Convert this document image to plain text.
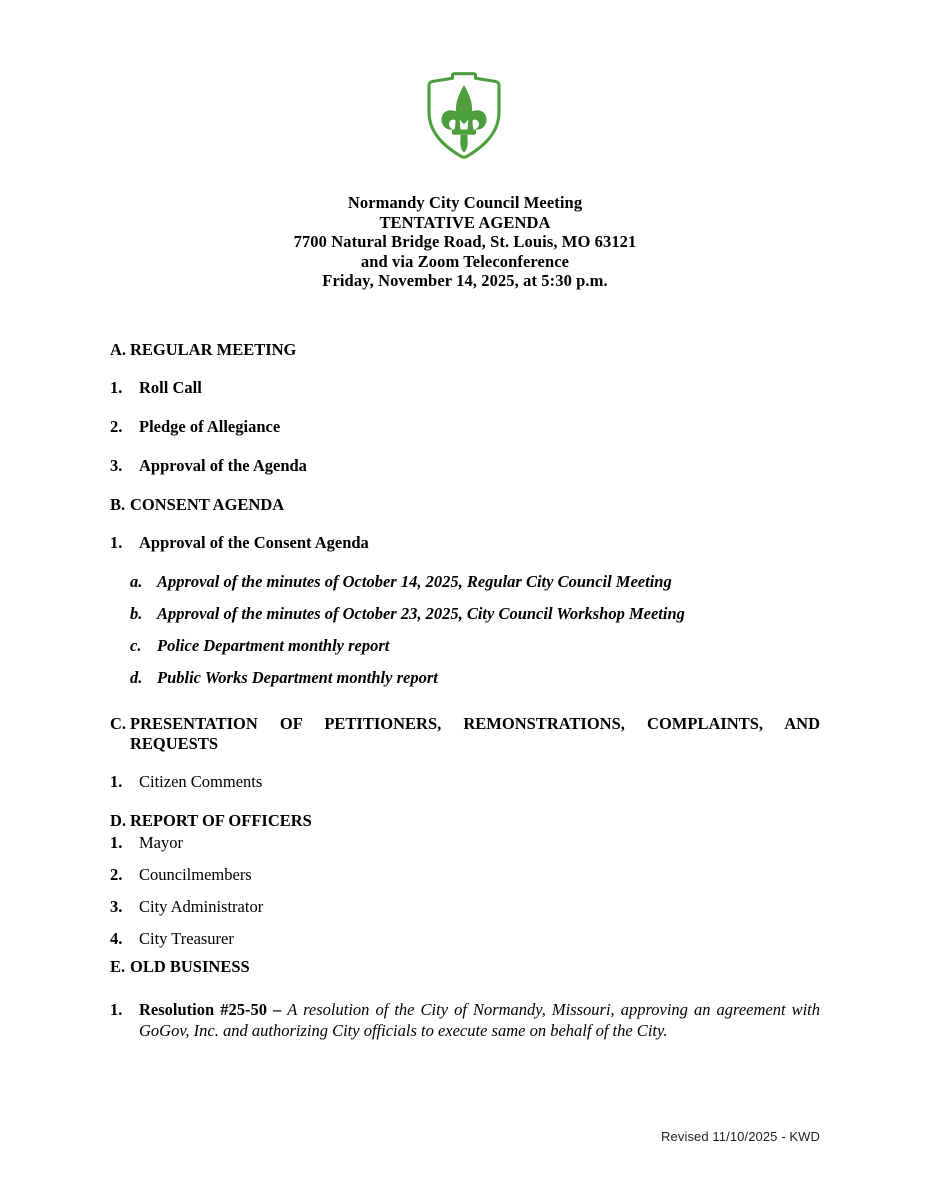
Normandy City Council Meeting
TENTATIVE AGENDA
7700 Natural Bridge Road, St. Louis, MO 63121
and via Zoom Teleconference
Friday, November 14, 2025, at 5:30 p.m.
A. REGULAR MEETING
1.	Roll Call
2.	Pledge of Allegiance
3.	Approval of the Agenda
B. CONSENT AGENDA
1.	Approval of the Consent Agenda
a. Approval of the minutes of October 14, 2025, Regular City Council Meeting
b. Approval of the minutes of October 23, 2025, City Council Workshop Meeting
c. Police Department monthly report
d. Public Works Department monthly report
C. PRESENTATION OF PETITIONERS, REMONSTRATIONS, COMPLAINTS, AND REQUESTS
1.	Citizen Comments
D. REPORT OF OFFICERS
1.	Mayor
2.	Councilmembers
3.	City Administrator
4.	City Treasurer
E. OLD BUSINESS
1.	Resolution #25-50 – A resolution of the City of Normandy, Missouri, approving an agreement with GoGov, Inc. and authorizing City officials to execute same on behalf of the City.
Revised 11/10/2025 - KWD
